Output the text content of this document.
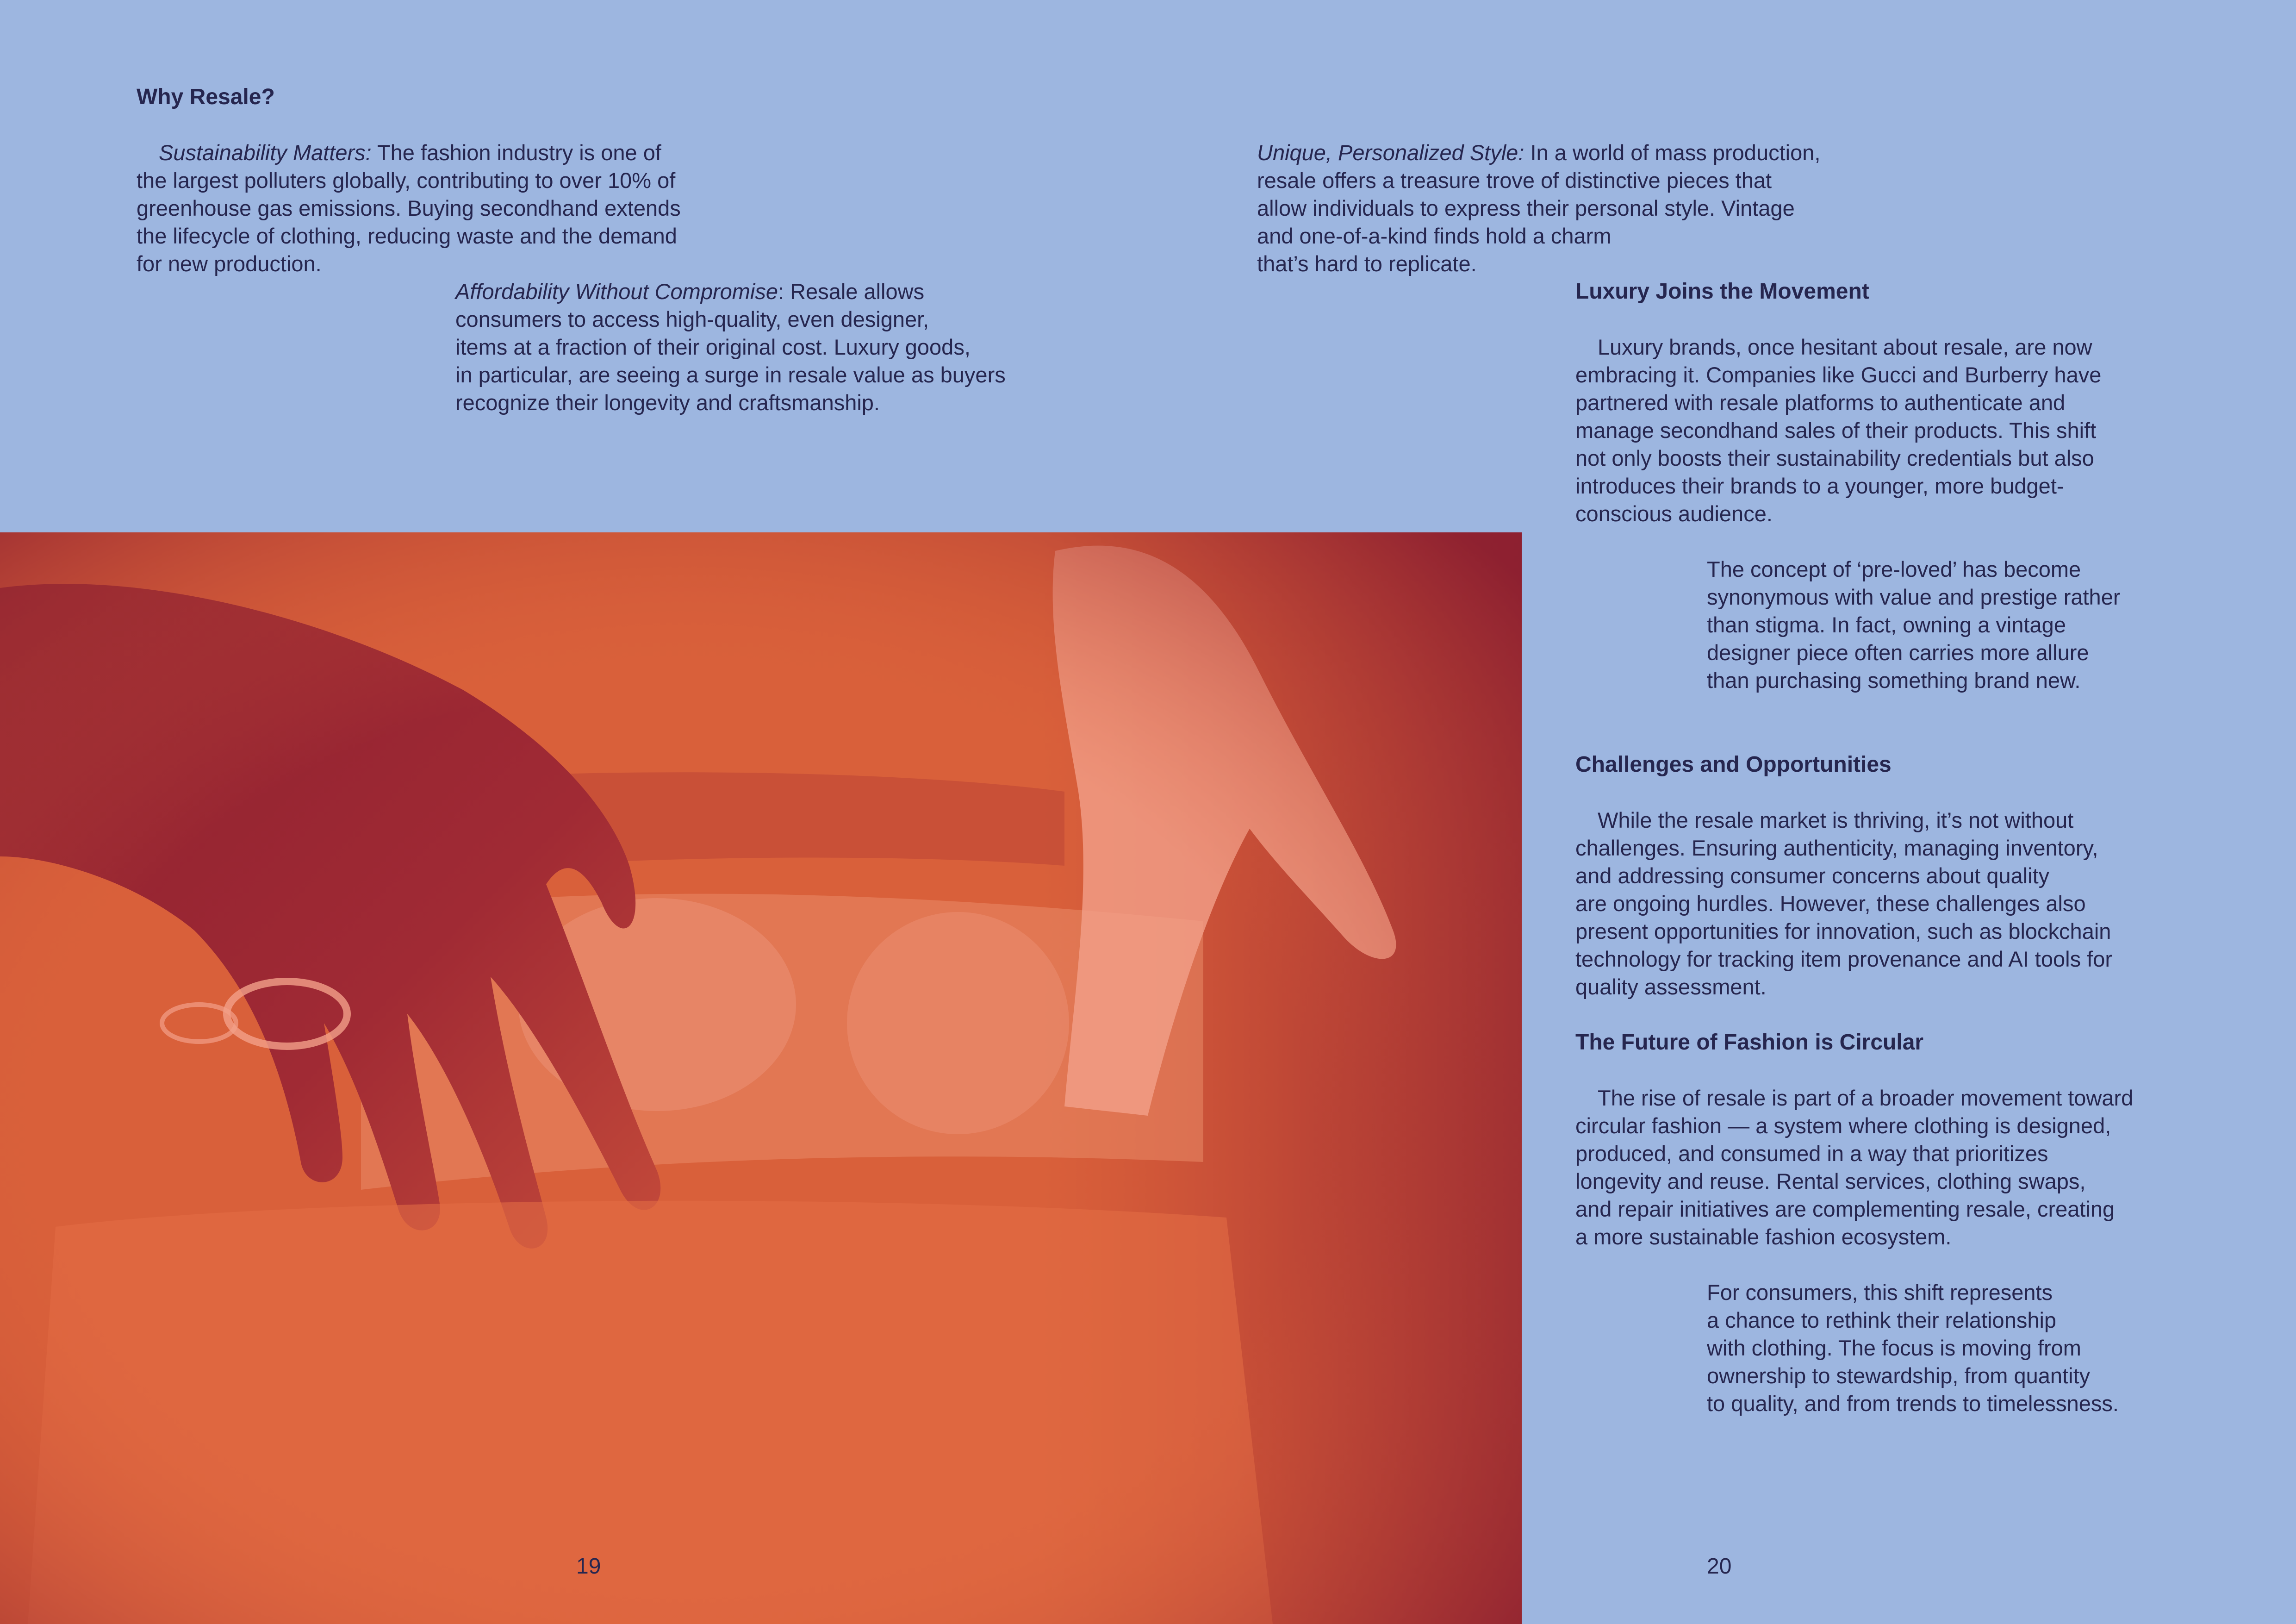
Why Resale?
Sustainability Matters: The fashion industry is one of
the largest polluters globally, contributing to over 10% of
greenhouse gas emissions. Buying secondhand extends
the lifecycle of clothing, reducing waste and the demand
for new production.
Affordability Without Compromise: Resale allows
consumers to access high-quality, even designer,
items at a fraction of their original cost. Luxury goods,
in particular, are seeing a surge in resale value as buyers
recognize their longevity and craftsmanship.
Unique, Personalized Style: In a world of mass production,
resale offers a treasure trove of distinctive pieces that
allow individuals to express their personal style. Vintage
and one-of-a-kind finds hold a charm
that’s hard to replicate.
19
Luxury Joins the Movement
Luxury brands, once hesitant about resale, are now
embracing it. Companies like Gucci and Burberry have
partnered with resale platforms to authenticate and
manage secondhand sales of their products. This shift
not only boosts their sustainability credentials but also
introduces their brands to a younger, more budget-
conscious audience.
The concept of ‘pre-loved’ has become
synonymous with value and prestige rather
than stigma. In fact, owning a vintage
designer piece often carries more allure
than purchasing something brand new.
Challenges and Opportunities
While the resale market is thriving, it’s not without
challenges. Ensuring authenticity, managing inventory,
and addressing consumer concerns about quality
are ongoing hurdles. However, these challenges also
present opportunities for innovation, such as blockchain
technology for tracking item provenance and AI tools for
quality assessment.
The Future of Fashion is Circular
The rise of resale is part of a broader movement toward
circular fashion — a system where clothing is designed,
produced, and consumed in a way that prioritizes
longevity and reuse. Rental services, clothing swaps,
and repair initiatives are complementing resale, creating
a more sustainable fashion ecosystem.
For consumers, this shift represents
a chance to rethink their relationship
with clothing. The focus is moving from
ownership to stewardship, from quantity
to quality, and from trends to timelessness.
20
